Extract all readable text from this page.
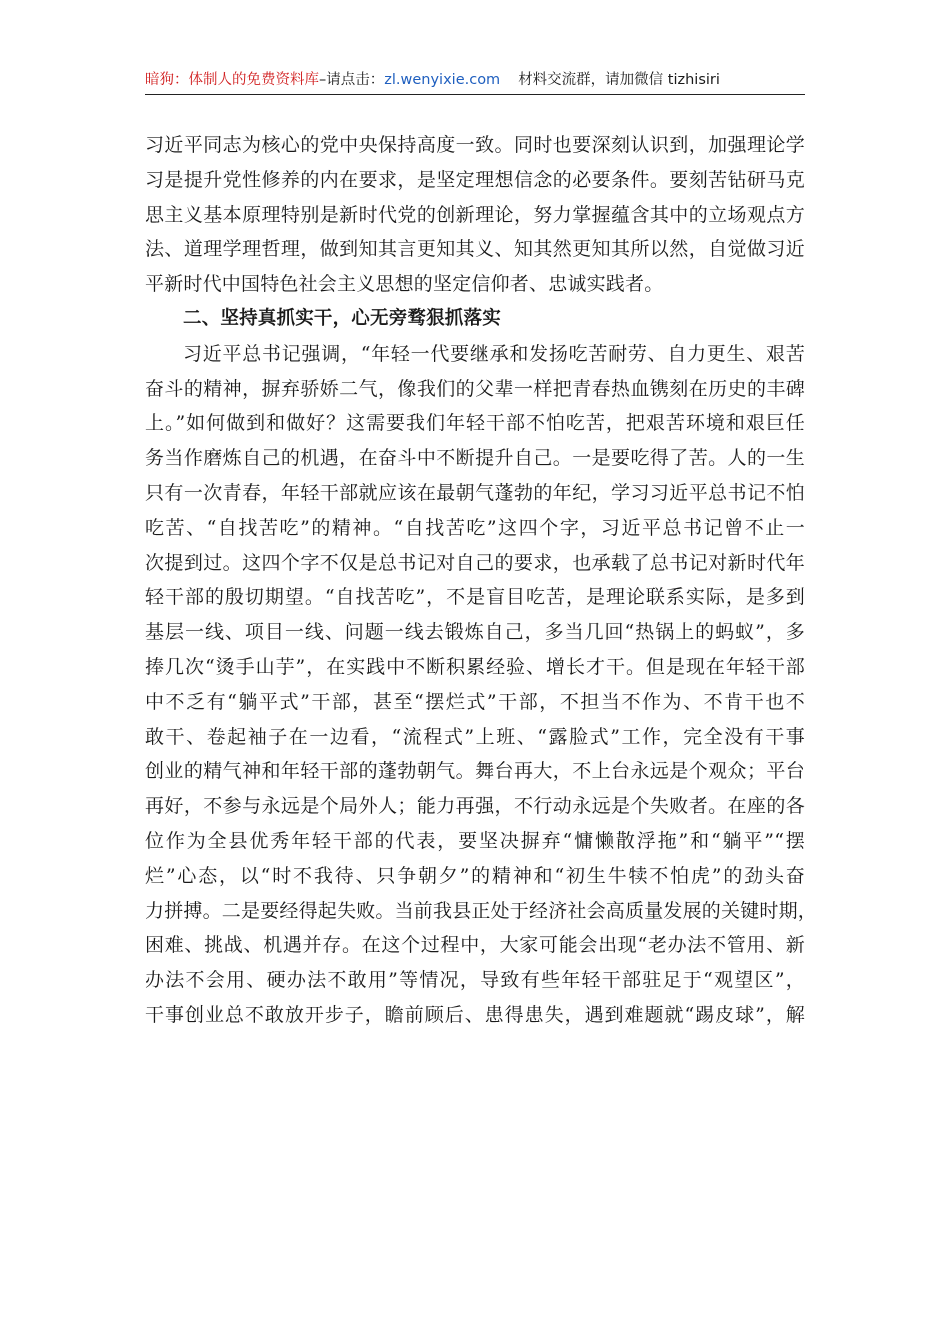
暗狗：体制人的免费资料库–请点击：zl.wenyixie.com 材料交流群，请加微信 tizhisiri

习近平同志为核心的党中央保持高度一致。同时也要深刻认识到，加强理论学
习是提升党性修养的内在要求，是坚定理想信念的必要条件。要刻苦钻研马克
思主义基本原理特别是新时代党的创新理论，努力掌握蕴含其中的立场观点方
法、道理学理哲理，做到知其言更知其义、知其然更知其所以然，自觉做习近
平新时代中国特色社会主义思想的坚定信仰者、忠诚实践者。

二、坚持真抓实干，心无旁骛狠抓落实

习近平总书记强调，“年轻一代要继承和发扬吃苦耐劳、自力更生、艰苦
奋斗的精神，摒弃骄娇二气，像我们的父辈一样把青春热血镌刻在历史的丰碑
上。”如何做到和做好？这需要我们年轻干部不怕吃苦，把艰苦环境和艰巨任
务当作磨炼自己的机遇，在奋斗中不断提升自己。一是要吃得了苦。人的一生
只有一次青春，年轻干部就应该在最朝气蓬勃的年纪，学习习近平总书记不怕
吃苦、“自找苦吃”的精神。“自找苦吃”这四个字，习近平总书记曾不止一
次提到过。这四个字不仅是总书记对自己的要求，也承载了总书记对新时代年
轻干部的殷切期望。“自找苦吃”，不是盲目吃苦，是理论联系实际，是多到
基层一线、项目一线、问题一线去锻炼自己，多当几回“热锅上的蚂蚁”，多
捧几次“烫手山芋”，在实践中不断积累经验、增长才干。但是现在年轻干部
中不乏有“躺平式”干部，甚至“摆烂式”干部，不担当不作为、不肯干也不
敢干、卷起袖子在一边看，“流程式”上班、“露脸式”工作，完全没有干事
创业的精气神和年轻干部的蓬勃朝气。舞台再大，不上台永远是个观众；平台
再好，不参与永远是个局外人；能力再强，不行动永远是个失败者。在座的各
位作为全县优秀年轻干部的代表，要坚决摒弃“慵懒散浮拖”和“躺平”“摆
烂”心态，以“时不我待、只争朝夕”的精神和“初生牛犊不怕虎”的劲头奋
力拼搏。二是要经得起失败。当前我县正处于经济社会高质量发展的关键时期，
困难、挑战、机遇并存。在这个过程中，大家可能会出现“老办法不管用、新
办法不会用、硬办法不敢用”等情况，导致有些年轻干部驻足于“观望区”，
干事创业总不敢放开步子，瞻前顾后、患得患失，遇到难题就“踢皮球”，解
